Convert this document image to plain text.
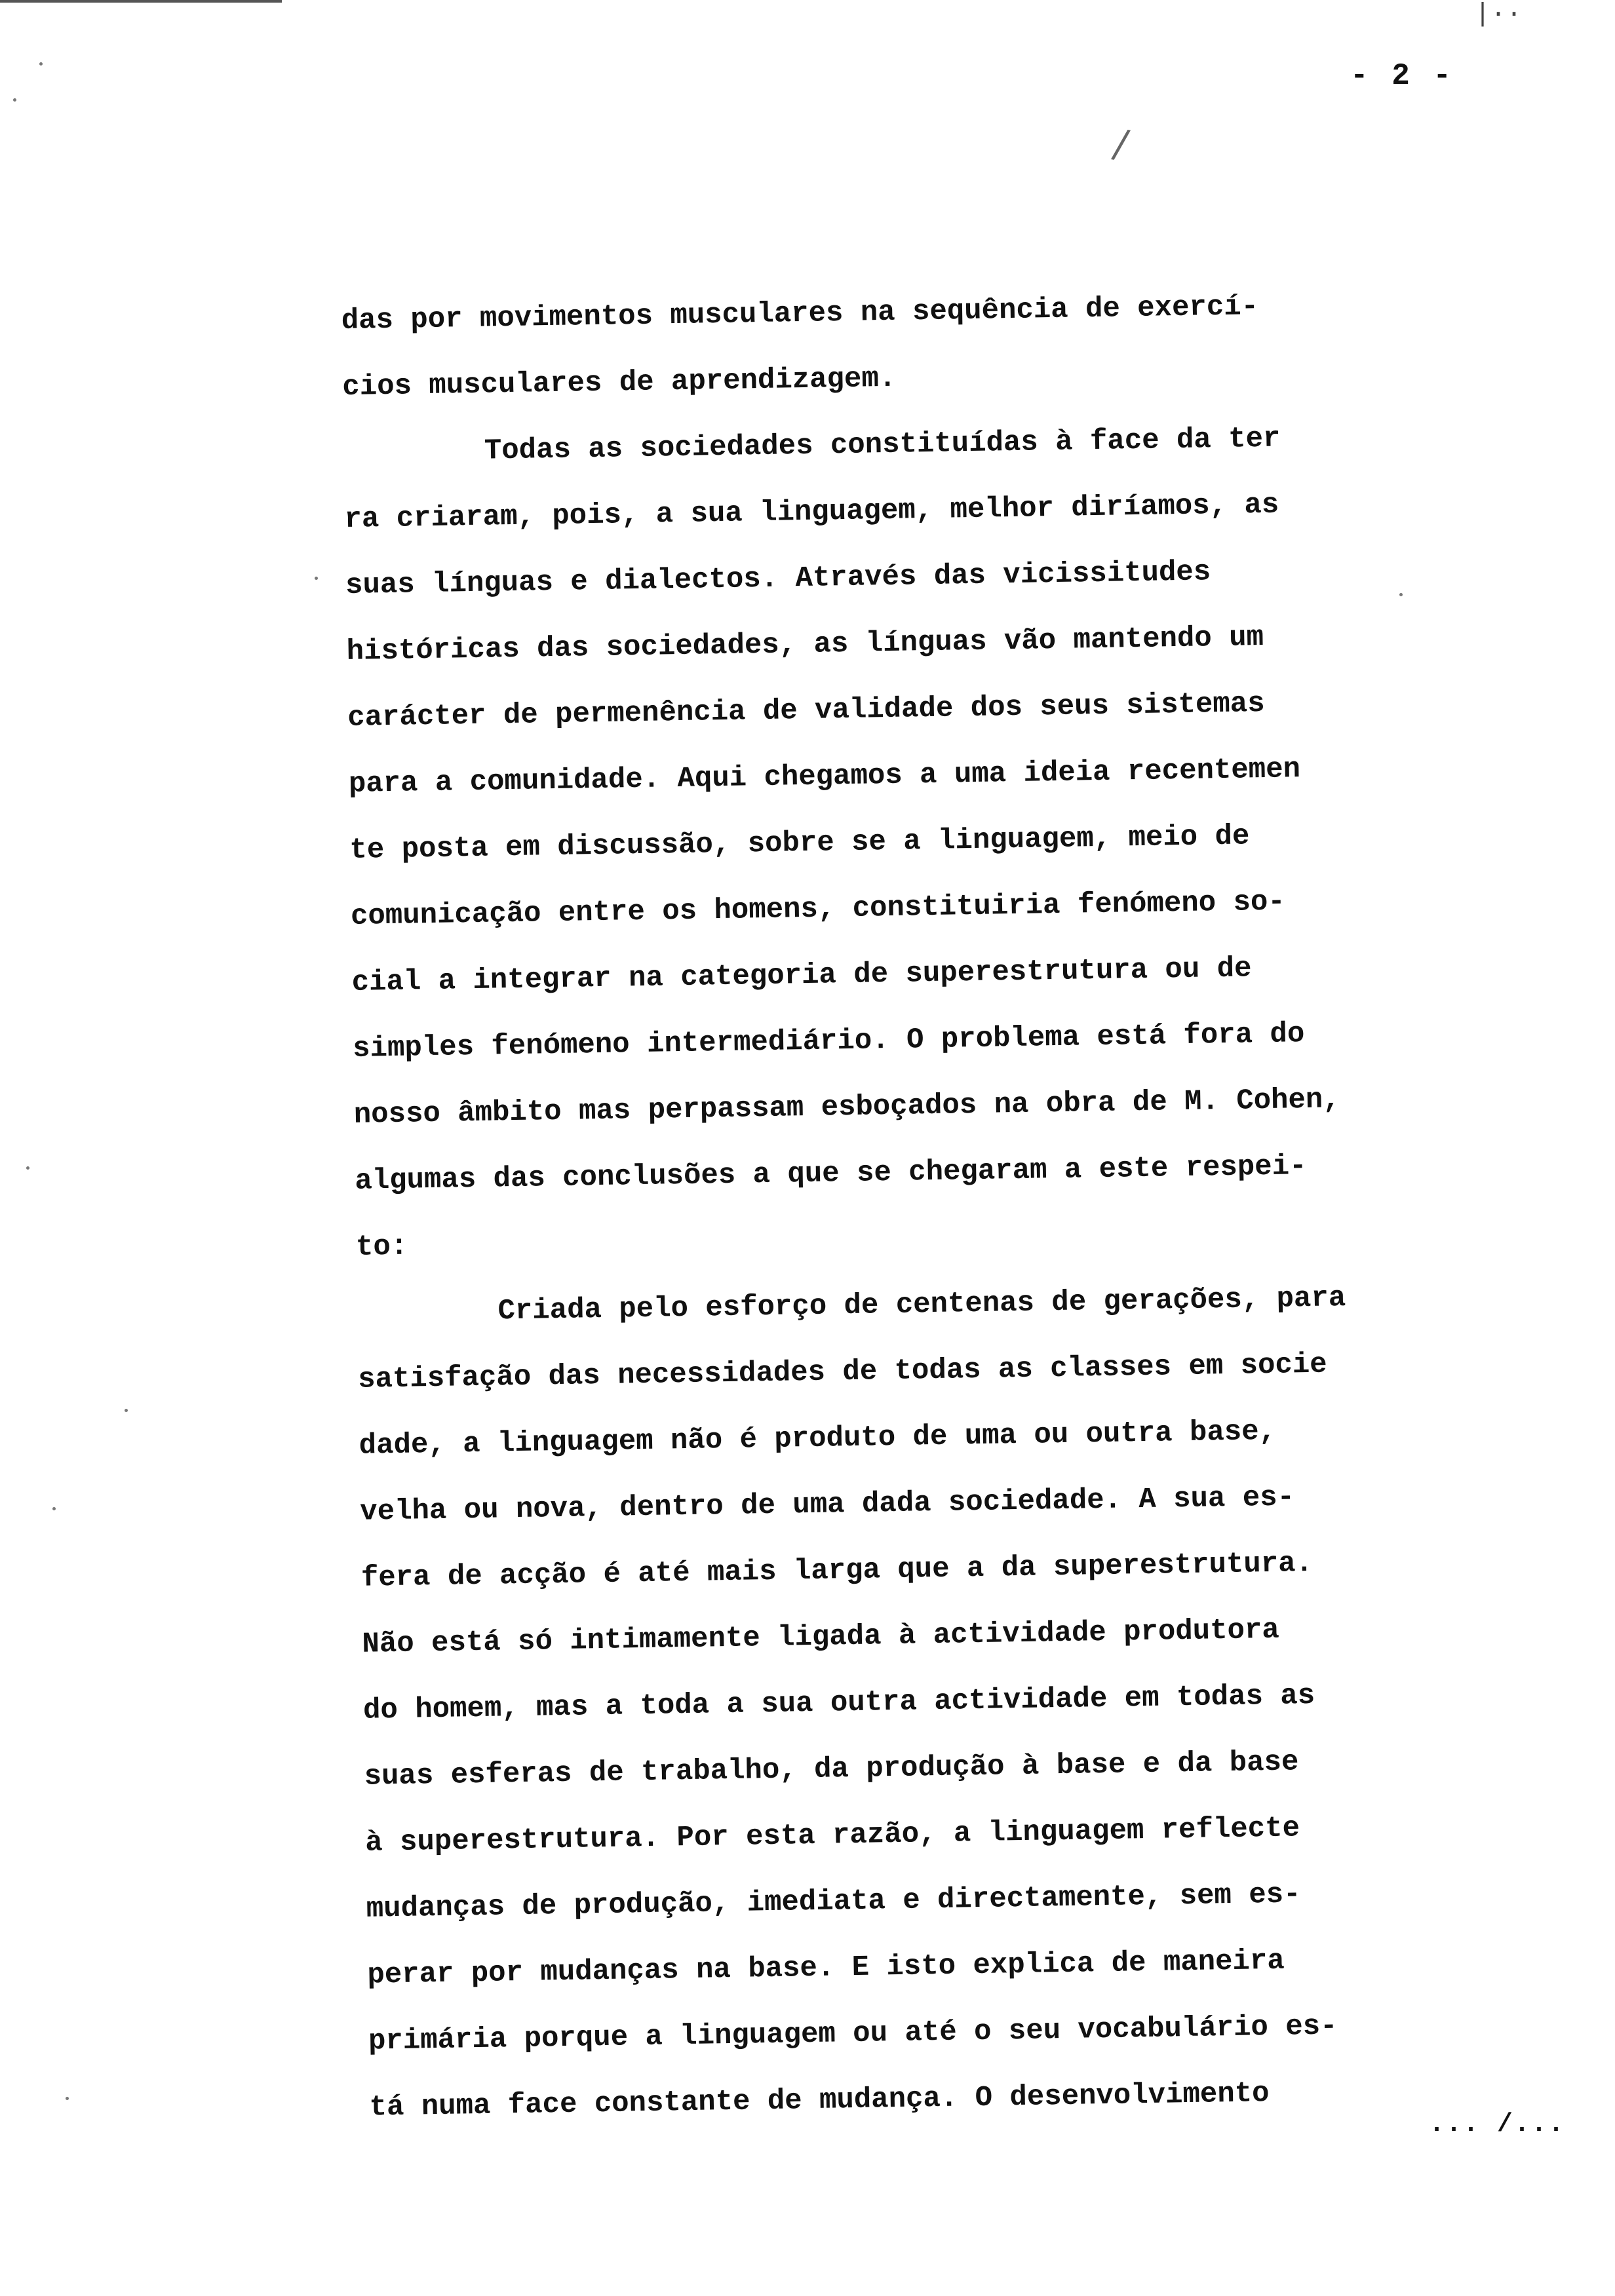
|··
- 2 -
/
das por movimentos musculares na sequência de exercí-
cios musculares de aprendizagem.
Todas as sociedades constituídas à face da ter
ra criaram, pois, a sua linguagem, melhor diríamos, as
suas línguas e dialectos. Através das vicissitudes
históricas das sociedades, as línguas vão mantendo um
carácter de permenência de validade dos seus sistemas
para a comunidade. Aqui chegamos a uma ideia recentemen
te posta em discussão, sobre se a linguagem, meio de
comunicação entre os homens, constituiria fenómeno so-
cial a integrar na categoria de superestrutura ou de
simples fenómeno intermediário. O problema está fora do
nosso âmbito mas perpassam esboçados na obra de M. Cohen,
algumas das conclusões a que se chegaram a este respei-
to:
Criada pelo esforço de centenas de gerações, para
satisfação das necessidades de todas as classes em socie
dade, a linguagem não é produto de uma ou outra base,
velha ou nova, dentro de uma dada sociedade. A sua es-
fera de acção é até mais larga que a da superestrutura.
Não está só intimamente ligada à actividade produtora
do homem, mas a toda a sua outra actividade em todas as
suas esferas de trabalho, da produção à base e da base
à superestrutura. Por esta razão, a linguagem reflecte
mudanças de produção, imediata e directamente, sem es-
perar por mudanças na base. E isto explica de maneira
primária porque a linguagem ou até o seu vocabulário es-
tá numa face constante de mudança. O desenvolvimento
... /...
